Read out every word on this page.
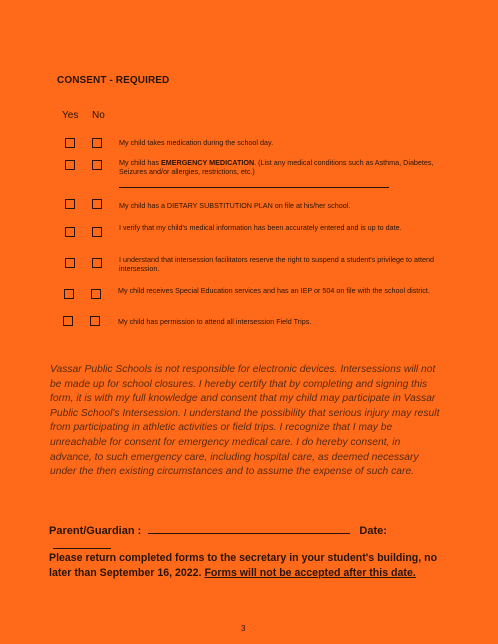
CONSENT - REQUIRED
Yes No
My child takes medication during the school day.
My child has EMERGENCY MEDICATION. (List any medical conditions such as Asthma, Diabetes, Seizures and/or allergies, restrictions, etc.)
My child has a DIETARY SUBSTITUTION PLAN on file at his/her school.
I verify that my child's medical information has been accurately entered and is up to date.
I understand that intersession facilitators reserve the right to suspend a student's privilege to attend intersession.
My child receives Special Education services and has an IEP or 504 on file with the school district.
My child has permission to attend all intersession Field Trips.
Vassar Public Schools is not responsible for electronic devices. Intersessions will not be made up for school closures. I hereby certify that by completing and signing this form, it is with my full knowledge and consent that my child may participate in Vassar Public School's Intersession. I understand the possibility that serious injury may result from participating in athletic activities or field trips. I recognize that I may be unreachable for consent for emergency medical care. I do hereby consent, in advance, to such emergency care, including hospital care, as deemed necessary under the then existing circumstances and to assume the expense of such care.
Parent/Guardian :	Date:
Please return completed forms to the secretary in your student's building, no later than September 16, 2022. Forms will not be accepted after this date.
3
